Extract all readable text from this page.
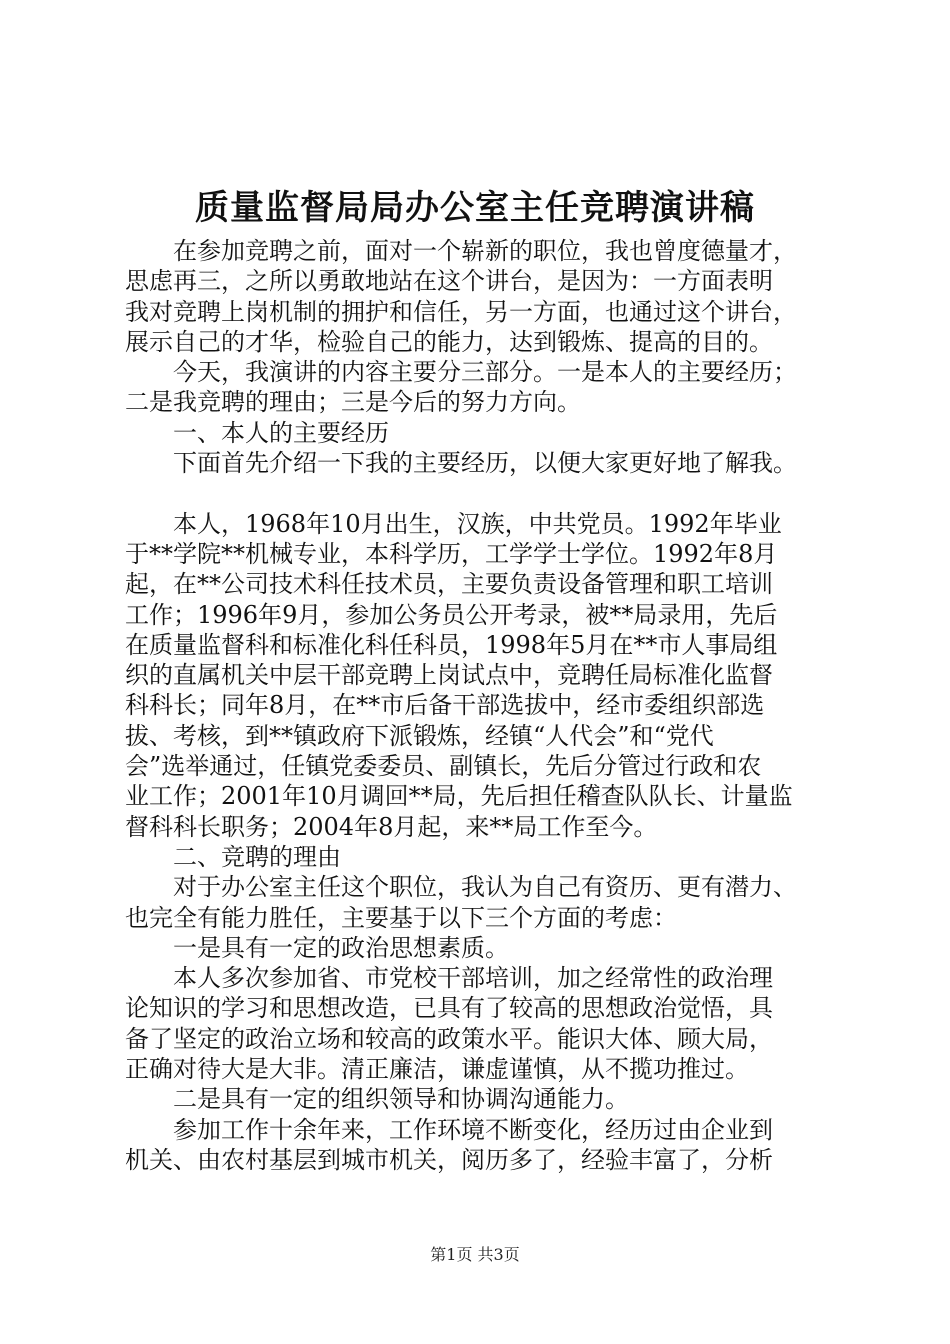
质量监督局局办公室主任竞聘演讲稿
　　在参加竞聘之前，面对一个崭新的职位，我也曾度德量才，
思虑再三，之所以勇敢地站在这个讲台，是因为：一方面表明
我对竞聘上岗机制的拥护和信任，另一方面，也通过这个讲台，
展示自己的才华，检验自己的能力，达到锻炼、提高的目的。
　　今天，我演讲的内容主要分三部分。一是本人的主要经历；
二是我竞聘的理由；三是今后的努力方向。
　　一、本人的主要经历
　　下面首先介绍一下我的主要经历，以便大家更好地了解我。
　　本人，1968年10月出生，汉族，中共党员。1992年毕业
于**学院**机械专业，本科学历，工学学士学位。1992年8月
起，在**公司技术科任技术员，主要负责设备管理和职工培训
工作；1996年9月，参加公务员公开考录，被**局录用，先后
在质量监督科和标准化科任科员，1998年5月在**市人事局组
织的直属机关中层干部竞聘上岗试点中，竞聘任局标准化监督
科科长；同年8月，在**市后备干部选拔中，经市委组织部选
拔、考核，到**镇政府下派锻炼，经镇“人代会”和“党代
会”选举通过，任镇党委委员、副镇长，先后分管过行政和农
业工作；2001年10月调回**局，先后担任稽查队队长、计量监
督科科长职务；2004年8月起，来**局工作至今。
　　二、竞聘的理由
　　对于办公室主任这个职位，我认为自己有资历、更有潜力、
也完全有能力胜任，主要基于以下三个方面的考虑：
　　一是具有一定的政治思想素质。
　　本人多次参加省、市党校干部培训，加之经常性的政治理
论知识的学习和思想改造，已具有了较高的思想政治觉悟，具
备了坚定的政治立场和较高的政策水平。能识大体、顾大局，
正确对待大是大非。清正廉洁，谦虚谨慎，从不揽功推过。
　　二是具有一定的组织领导和协调沟通能力。
　　参加工作十余年来，工作环境不断变化，经历过由企业到
机关、由农村基层到城市机关，阅历多了，经验丰富了，分析
第1页 共3页
